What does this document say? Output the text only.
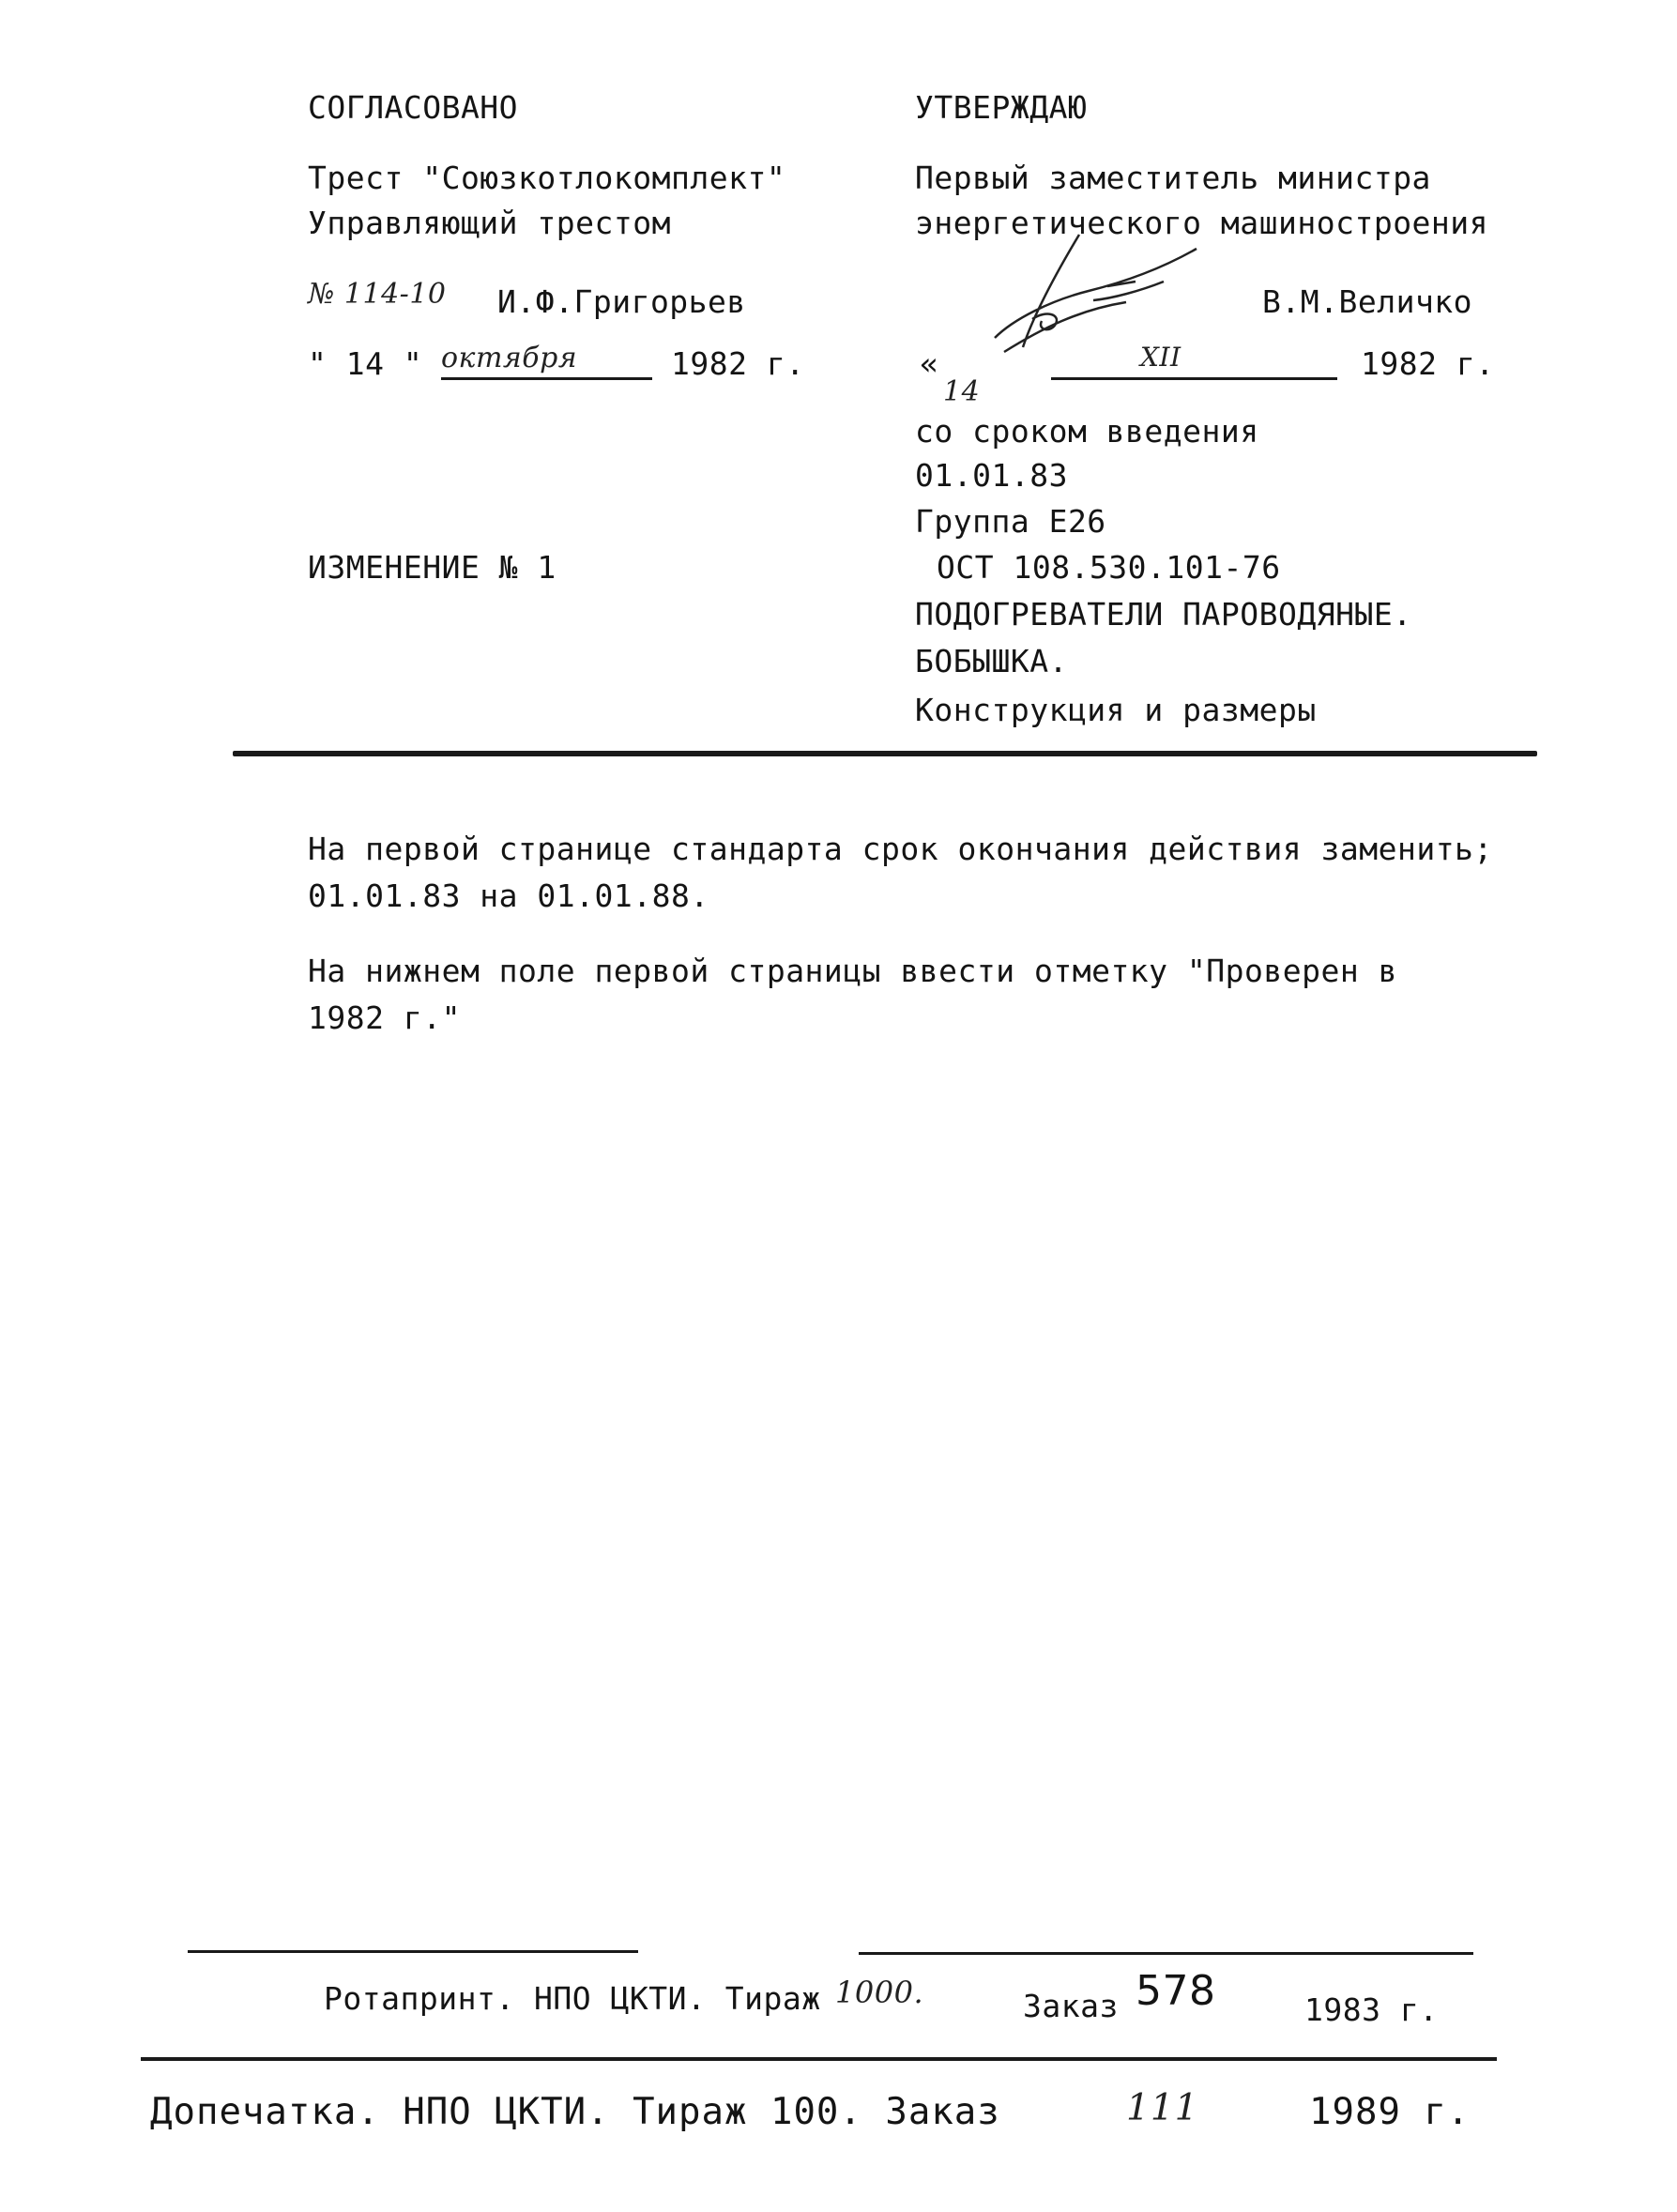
СОГЛАСОВАНО
Трест "Союзкотлокомплект"
Управляющий трестом
№ 114-10 И.Ф.Григорьев
" 14 " октября	1982 г.
ИЗМЕНЕНИЕ № 1
УТВЕРЖДАЮ
Первый заместитель министра
энергетического машиностроения
В.М.Величко
«
14
XII	1982 г.
со сроком введения
01.01.83
Группа Е26
ОСТ 108.530.101-76
ПОДОГРЕВАТЕЛИ ПАРОВОДЯНЫЕ.
БОБЫШКА.
Конструкция и размеры
На первой странице стандарта срок окончания действия заменить;
01.01.83 на 01.01.88.
На нижнем поле первой страницы ввести отметку "Проверен в
1982 г."
Ротапринт. НПО ЦКТИ. Тираж 1000.	Заказ 578	1983 г.
Допечатка. НПО ЦКТИ. Тираж 100. Заказ	111	1989 г.
